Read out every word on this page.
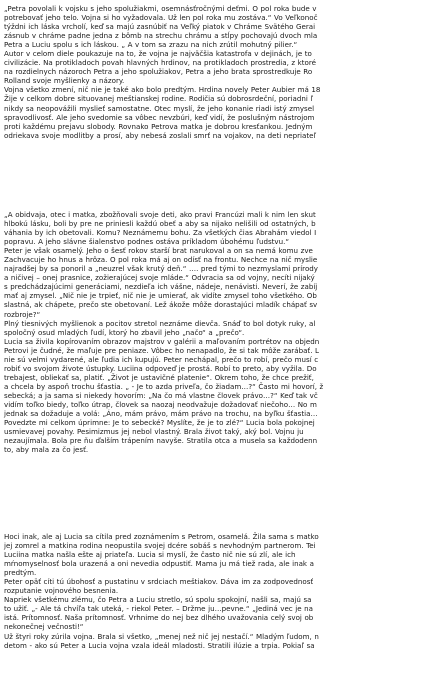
„Petra povolali k vojsku s jeho spolužiakmi, osemnásťročnými deťmi. O pol roka bude v
potrebovať jeho telo. Vojna si ho vyžadovala. Už len pol roka mu zostáva.“ Vo Veľkonoč
týždni ich láska vrcholí, keď sa majú zasnúbiť na Veľký piatok v Chráme Svätého Gerai
zásnub v chráme padne jedna z bômb na strechu chrámu a stĺpy pochovajú dvoch mla
Petra a Luciu spolu s ich láskou. „ A v tom sa zrazu na nich zrútil mohutný pilier.“
Autor v celom diele poukazuje na to, že vojna je najväčšia katastrofa v dejinách, je to
civilizácie. Na protikladoch povah hlavných hrdinov, na protikladoch prostredia, z ktoré
na rozdielnych názoroch Petra a jeho spolužiakov, Petra a jeho brata sprostredkuje Ro
Rolland svoje myšlienky a názory.
Vojna všetko zmení, nič nie je také ako bolo predtým. Hrdina novely Peter Aubier má 18
Žije v celkom dobre situovanej meštianskej rodine. Rodičia sú dobrosrdeční, poriadni ľ
nikdy sa neopovážili myslieť samostatne. Otec myslí, že jeho konanie riadi istý zmysel
spravodlivosť. Ale jeho svedomie sa vôbec nevzbúri, keď vidí, že poslušným nástrojom
proti každému prejavu slobody. Rovnako Petrova matka je dobrou kresťankou. Jedným
odriekava svoje modlitby a prosí, aby nebesá zoslali smrť na vojakov, na deti nepriateľ
„A obidvaja, otec i matka, zbožňovali svoje deti, ako pravi Francúzi mali k nim len skut
hlbokú lásku, boli by pre ne priniesli každú obeť a aby sa nijako nelišili od ostatných, b
váhania by ich obetovali. Komu? Neznámemu bohu. Za všetkých čias Abrahám viedol I
popravu. A jeho slávne šialenstvo podnes ostáva príkladom úbohému ľudstvu.“
Peter je však osamelý. Jeho o šesť rokov starší brat narukoval a on sa nemá komu zve
Zachvacuje ho hnus a hrôza. O pol roka má aj on odísť na frontu. Nechce na nič myslie
najradšej by sa ponoril a „neuzrel však krutý deň.“ …. pred tými to nezmyslami prírody
a ničivej – onej prasnice, zožierajúcej svoje mláde.“ Odvracia sa od vojny, necíti nijaký
s predchádzajúcimi generáciami, nezdieľa ich vášne, nádeje, nenávisti. Neverí, že zabíj
mať aj zmysel. „Nič nie je trpieť, nič nie je umierať, ak vidíte zmysel toho všetkého. Ob
slastná, ak chápete, prečo ste obetovaní. Lež ákože môže dorastajúci mladík chápať sv
rozbroje?“
Plný tiesnivých myšlienok a pocitov stretol neznáme dievča. Snáď to bol dotyk ruky, al
spoločný osud mladých ľudí, ktorý ho zbavil jeho „načo“ a „prečo“.
Lucia sa živila kopírovaním obrazov majstrov v galérii a maľovaním portrétov na objedn
Petrovi je čudné, že maľuje pre peniaze. Vôbec ho nenapadlo, že si tak môže zarábať. L
nie sú velmi vydarené, ale ľudia ich kupujú. Peter nechápal, prečo to robí, prečo musí c
robiť vo svojom živote ústupky. Luciina odpoveď je prostá. Robí to preto, aby vyžila. Do
trebajest, obliekať sa, platiť. „Život je ustavičné platenie“. Okrem toho, že chce prežiť,
a chcela by aspoň trochu šťastia. „ - Je to azda priveľa, čo žiadam…?“ Často mi hovorí, ž
sebecká; a ja sama si niekedy hovorím: „Na čo má vlastne človek právo…?“ Keď tak vč
vidím toľko biedy, toľko útrap, človek sa naozaj neodvažuje dožadovať niečoho… No m
jednak sa dožaduje a volá: „Áno, mám právo, mám právo na trochu, na byľku šťastia…
Povedzte mi celkom úprimne: Je to sebecké? Myslíte, že je to zlé?“ Lucia bola pokojnej
usmievavej povahy. Pesimizmus jej nebol vlastný. Brala život taký, aký bol. Vojnu ju
nezaujímala. Bola pre ňu ďalším trápením navyše. Stratila otca a musela sa každodenn
to, aby mala za čo jesť.
Hoci inak, ale aj Lucia sa cítila pred zoznámením s Petrom, osamelá. Žila sama s matko
jej zomrel a matkina rodina neopustila svojej dcére sobáš s nevhodným partnerom. Tei
Luciina matka našla ešte aj priateľa. Lucia si myslí, že často nič nie sú zlí, ale ich
mŕnomyselnosť bola urazená a oni nevedia odpustiť. Mama ju má tiež rada, ale inak a
predtým.
Peter opäť cíti tú úbohosť a pustatinu v srdciach meštiakov. Dáva im za zodpovednosť
rozputanie vojnového besnenia.
Napriek všetkému zlému, čo Petra a Luciu stretlo, sú spolu spokojní, našli sa, majú sa
to užiť. „- Ale tá chvíľa tak uteká, - riekol Peter. – Držme ju…pevne.“ „Jediná vec je na
istá. Prítomnosť. Naša prítomnosť. Vrhnime do nej bez dlhého uvažovania celý svoj ob
nekonečnej večnosti!“
Už štyri roky zúrila vojna. Brala si všetko, „menej než nič jej nestačí.“ Mladým ľudom, n
detom - ako sú Peter a Lucia vojna vzala ideál mladosti. Stratili ilúzie a trpia. Pokiaľ sa
